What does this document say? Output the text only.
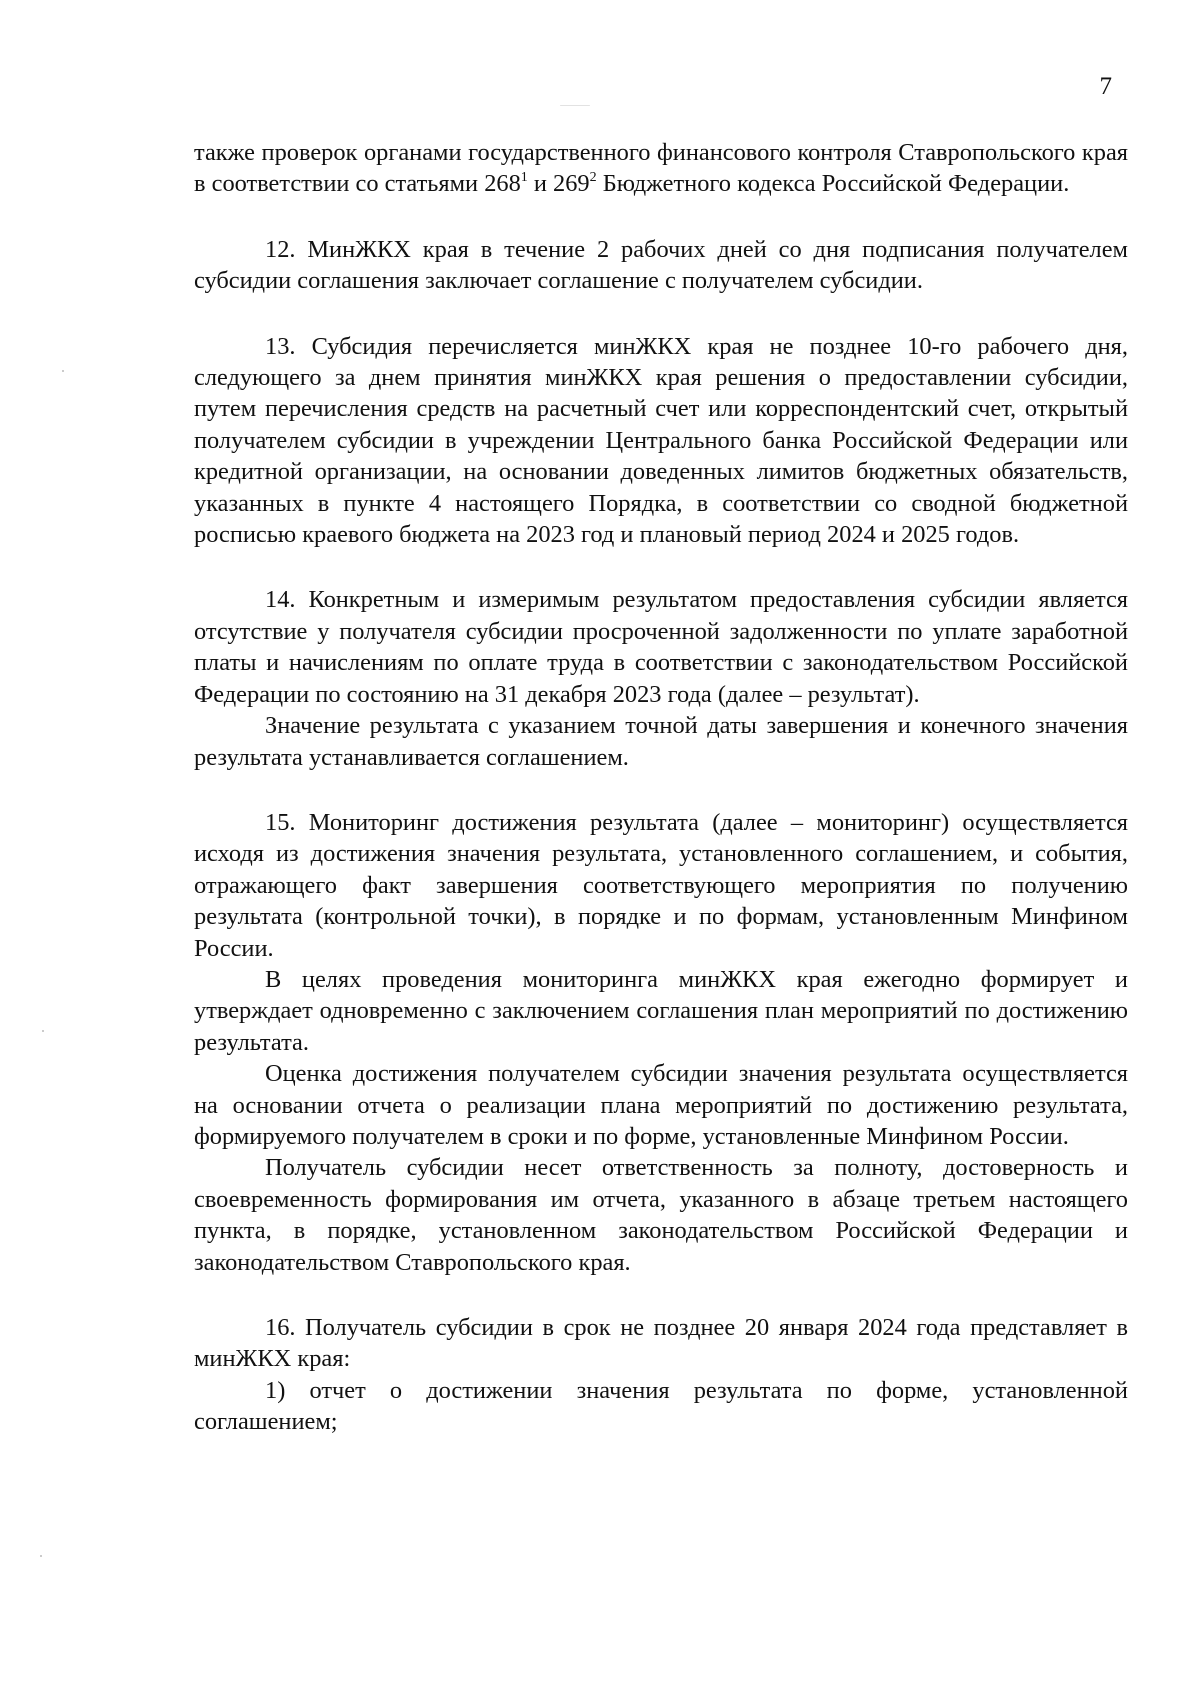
7

также проверок органами государственного финансового контроля Ставропольского края в соответствии со статьями $268^1$ и $269^2$ Бюджетного кодекса Российской Федерации.

12. МинЖКХ края в течение 2 рабочих дней со дня подписания получателем субсидии соглашения заключает соглашение с получателем субсидии.

13. Субсидия перечисляется минЖКХ края не позднее 10-го рабочего дня, следующего за днем принятия минЖКХ края решения о предоставлении субсидии, путем перечисления средств на расчетный счет или корреспондентский счет, открытый получателем субсидии в учреждении Центрального банка Российской Федерации или кредитной организации, на основании доведенных лимитов бюджетных обязательств, указанных в пункте 4 настоящего Порядка, в соответствии со сводной бюджетной росписью краевого бюджета на 2023 год и плановый период 2024 и 2025 годов.

14. Конкретным и измеримым результатом предоставления субсидии является отсутствие у получателя субсидии просроченной задолженности по уплате заработной платы и начислениям по оплате труда в соответствии с законодательством Российской Федерации по состоянию на 31 декабря 2023 года (далее – результат).

Значение результата с указанием точной даты завершения и конечного значения результата устанавливается соглашением.

15. Мониторинг достижения результата (далее – мониторинг) осуществляется исходя из достижения значения результата, установленного соглашением, и события, отражающего факт завершения соответствующего мероприятия по получению результата (контрольной точки), в порядке и по формам, установленным Минфином России.

В целях проведения мониторинга минЖКХ края ежегодно формирует и утверждает одновременно с заключением соглашения план мероприятий по достижению результата.

Оценка достижения получателем субсидии значения результата осуществляется на основании отчета о реализации плана мероприятий по достижению результата, формируемого получателем в сроки и по форме, установленные Минфином России.

Получатель субсидии несет ответственность за полноту, достоверность и своевременность формирования им отчета, указанного в абзаце третьем настоящего пункта, в порядке, установленном законодательством Российской Федерации и законодательством Ставропольского края.

16. Получатель субсидии в срок не позднее 20 января 2024 года представляет в минЖКХ края:

1) отчет о достижении значения результата по форме, установленной соглашением;
